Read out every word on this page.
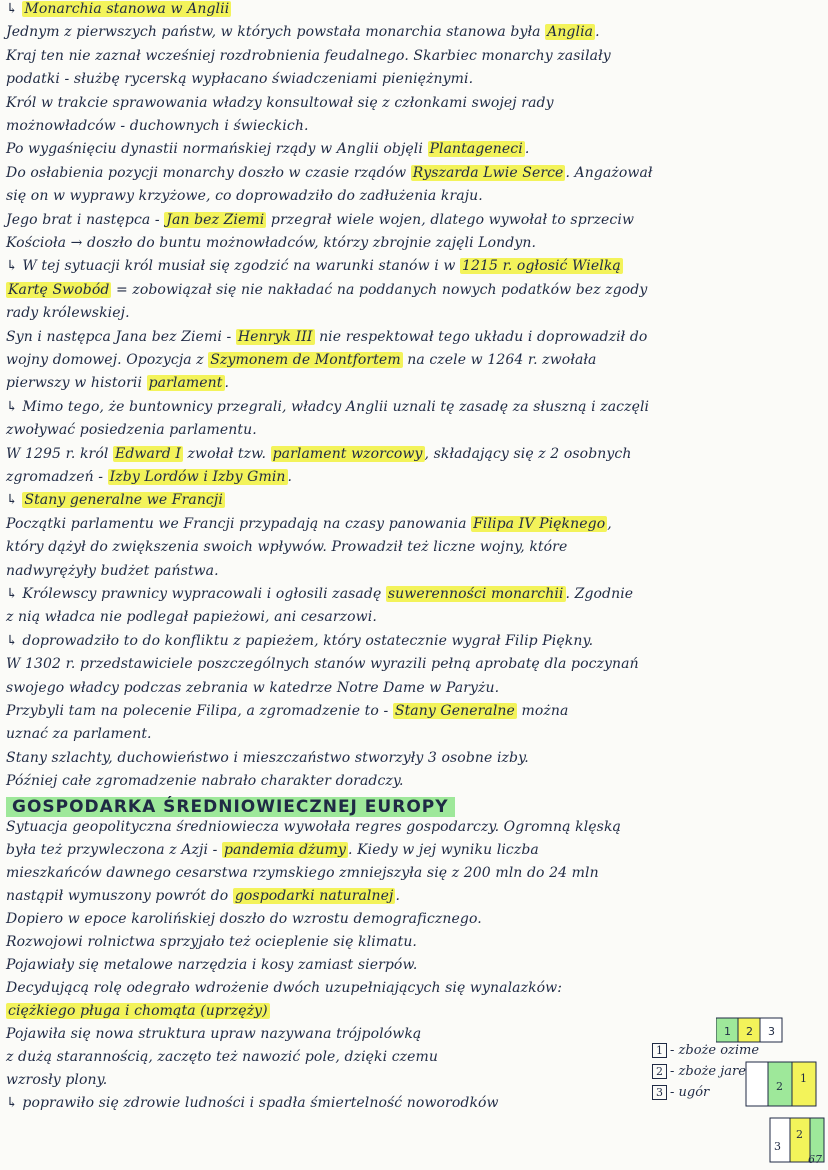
↳ Monarchia stanowa w Anglii
Jednym z pierwszych państw, w których powstała monarchia stanowa była Anglia .
Kraj ten nie zaznał wcześniej rozdrobnienia feudalnego. Skarbiec monarchy zasilały
podatki - służbę rycerską wypłacano świadczeniami pieniężnymi.
Król w trakcie sprawowania władzy konsultował się z członkami swojej rady
możnowładców - duchownych i świeckich.
Po wygaśnięciu dynastii normańskiej rządy w Anglii objęli Plantageneci .
Do osłabienia pozycji monarchy doszło w czasie rządów Ryszarda Lwie Serce . Angażował
się on w wyprawy krzyżowe, co doprowadziło do zadłużenia kraju.
Jego brat i następca - Jan bez Ziemi przegrał wiele wojen, dlatego wywołał to sprzeciw
Kościoła → doszło do buntu możnowładców, którzy zbrojnie zajęli Londyn.
↳ W tej sytuacji król musiał się zgodzić na warunki stanów i w 1215 r. ogłosić Wielką
Kartę Swobód = zobowiązał się nie nakładać na poddanych nowych podatków bez zgody
rady królewskiej.
Syn i następca Jana bez Ziemi - Henryk III nie respektował tego układu i doprowadził do
wojny domowej. Opozycja z Szymonem de Montfortem na czele w 1264 r. zwołała
pierwszy w historii parlament .
↳ Mimo tego, że buntownicy przegrali, władcy Anglii uznali tę zasadę za słuszną i zaczęli
zwoływać posiedzenia parlamentu.
W 1295 r. król Edward I zwołał tzw. parlament wzorcowy , składający się z 2 osobnych
zgromadzeń - Izby Lordów i Izby Gmin .
↳ Stany generalne we Francji
Początki parlamentu we Francji przypadają na czasy panowania Filipa IV Pięknego ,
który dążył do zwiększenia swoich wpływów. Prowadził też liczne wojny, które
nadwyrężyły budżet państwa.
↳ Królewscy prawnicy wypracowali i ogłosili zasadę suwerenności monarchii . Zgodnie
z nią władca nie podlegał papieżowi, ani cesarzowi.
↳ doprowadziło to do konfliktu z papieżem, który ostatecznie wygrał Filip Piękny.
W 1302 r. przedstawiciele poszczególnych stanów wyrazili pełną aprobatę dla poczynań
swojego władcy podczas zebrania w katedrze Notre Dame w Paryżu.
Przybyli tam na polecenie Filipa, a zgromadzenie to - Stany Generalne można
uznać za parlament.
Stany szlachty, duchowieństwo i mieszczaństwo stworzyły 3 osobne izby.
Później całe zgromadzenie nabrało charakter doradczy.
Sytuacja geopolityczna średniowiecza wywołała regres gospodarczy. Ogromną klęską
była też przywleczona z Azji - pandemia dżumy . Kiedy w jej wyniku liczba
mieszkańców dawnego cesarstwa rzymskiego zmniejszyła się z 200 mln do 24 mln
nastąpił wymuszony powrót do gospodarki naturalnej .
Dopiero w epoce karolińskiej doszło do wzrostu demograficznego.
Rozwojowi rolnictwa sprzyjało też ocieplenie się klimatu.
Pojawiały się metalowe narzędzia i kosy zamiast sierpów.
Decydującą rolę odegrało wdrożenie dwóch uzupełniających się wynalazków:
ciężkiego pługa i chomąta (uprzęży)
Pojawiła się nowa struktura upraw nazywana trójpolówką
z dużą starannością, zaczęto też nawozić pole, dzięki czemu
wzrosły plony.
↳ poprawiło się zdrowie ludności i spadła śmiertelność noworodków
GOSPODARKA ŚREDNIOWIECZNEJ EUROPY
1 - zboże ozime
2 - zboże jare
3 - ugór
1 2 3
2
1
3
2
67
